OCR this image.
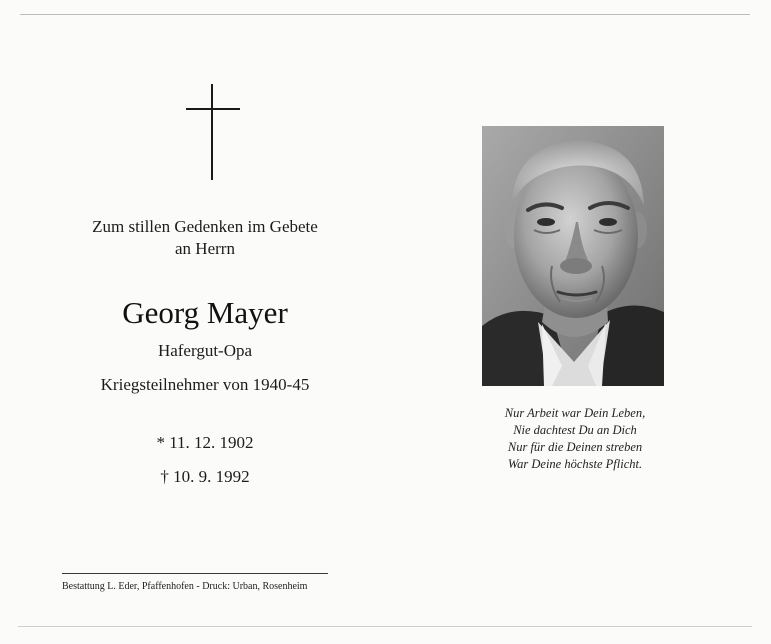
Zum stillen Gedenken im Gebete
an Herrn
Georg Mayer
Hafergut-Opa
Kriegsteilnehmer von 1940-45
* 11. 12. 1902
† 10. 9. 1992
Bestattung L. Eder, Pfaffenhofen - Druck: Urban, Rosenheim
Nur Arbeit war Dein Leben,
Nie dachtest Du an Dich
Nur für die Deinen streben
War Deine höchste Pflicht.
